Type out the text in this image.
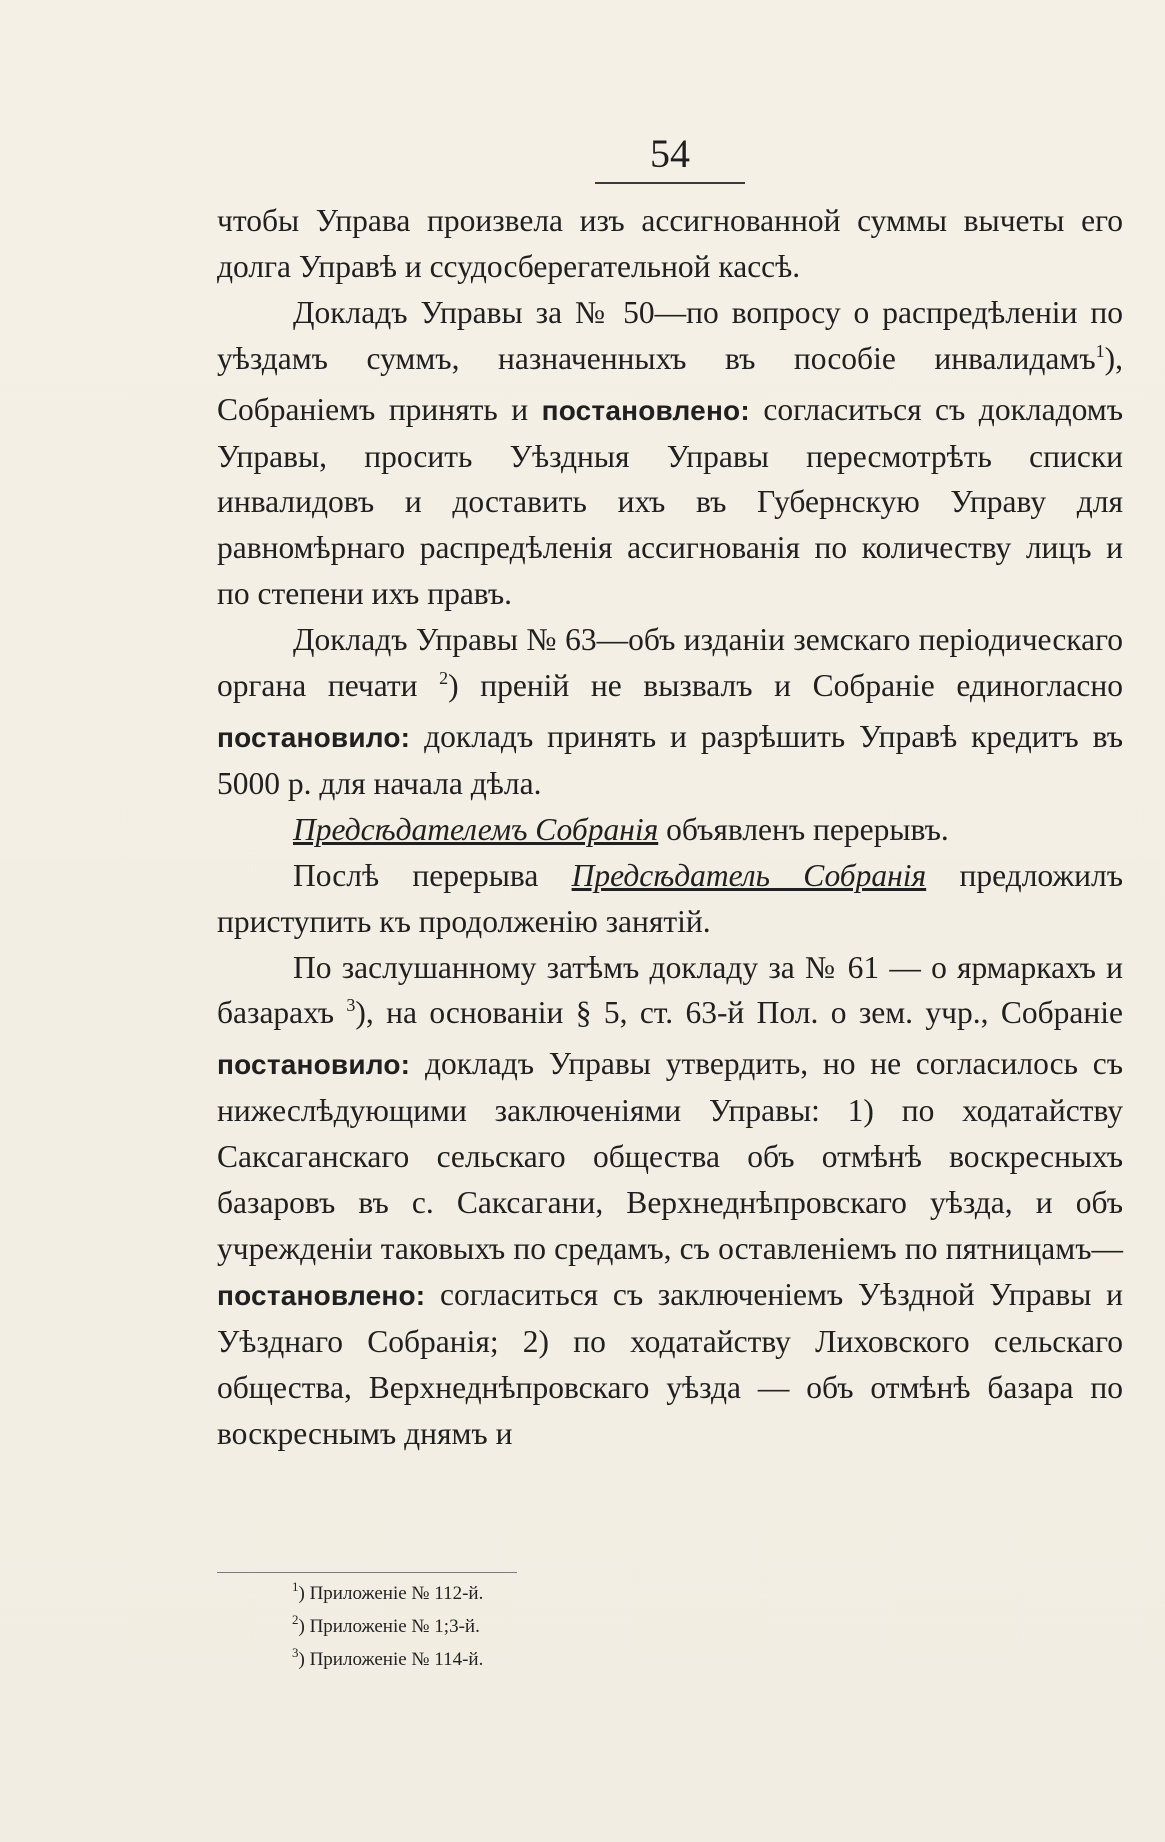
54

чтобы Управа произвела изъ ассигнованной суммы вычеты его долга Управѣ и ссудосберегательной кассѣ.

Докладъ Управы за № 50—по вопросу о распредѣленіи по уѣздамъ суммъ, назначенныхъ въ пособіе инвалидамъ$^1$), Собраніемъ принять и постановлено: согласиться съ докладомъ Управы, просить Уѣздныя Управы пересмотрѣть списки инвалидовъ и доставить ихъ въ Губернскую Управу для равномѣрнаго распредѣленія ассигнованія по количеству лицъ и по степени ихъ правъ.

Докладъ Управы № 63—объ изданіи земскаго періодическаго органа печати $^2$) преній не вызвалъ и Собраніе единогласно постановило: докладъ принять и разрѣшить Управѣ кредитъ въ 5000 р. для начала дѣла.

Предсѣдателемъ Собранія объявленъ перерывъ.

Послѣ перерыва Предсѣдатель Собранія предложилъ приступить къ продолженію занятій.

По заслушанному затѣмъ докладу за № 61 — о ярмаркахъ и базарахъ $^3$), на основаніи § 5, ст. 63-й Пол. о зем. учр., Собраніе постановило: докладъ Управы утвердить, но не согласилось съ нижеслѣдующими заключеніями Управы: 1) по ходатайству Саксаганскаго сельскаго общества объ отмѣнѣ воскресныхъ базаровъ въ с. Саксагани, Верхнеднѣпровскаго уѣзда, и объ учрежденіи таковыхъ по средамъ, съ оставленіемъ по пятницамъ—постановлено: согласиться съ заключеніемъ Уѣздной Управы и Уѣзднаго Собранія; 2) по ходатайству Лиховского сельскаго общества, Верхнеднѣпровскаго уѣзда — объ отмѣнѣ базара по воскреснымъ днямъ и

$^1$) Приложеніе № 112-й.
$^2$) Приложеніе № 1;3-й.
$^3$) Приложеніе № 114-й.
